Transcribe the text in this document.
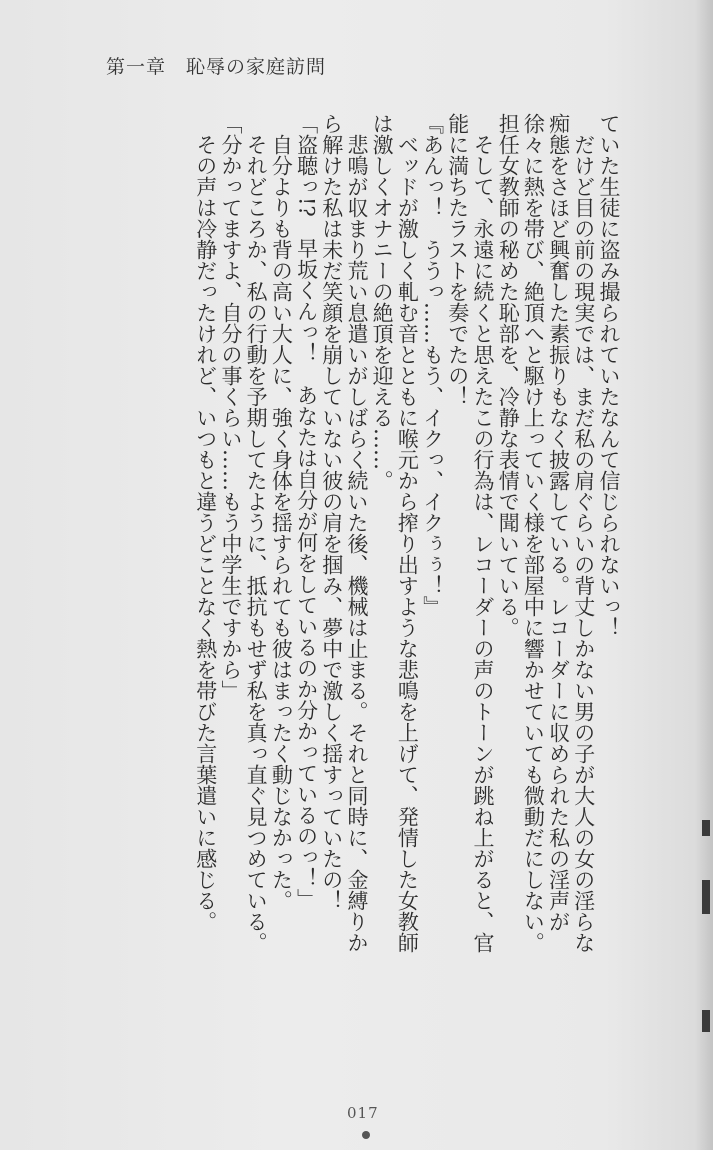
第一章　恥辱の家庭訪問

ていた生徒に盗み撮られていたなんて信じられないっ！

　だけど目の前の現実では、まだ私の肩ぐらいの背丈しかない男の子が大人の女の淫らな

痴態をさほど興奮した素振りもなく披露している。レコーダーに収められた私の淫声が

徐々に熱を帯び、絶頂へと駆け上っていく様を部屋中に響かせていても微動だにしない。

担任女教師の秘めた恥部を、冷静な表情で聞いている。

　そして、永遠に続くと思えたこの行為は、レコーダーの声のトーンが跳ね上がると、官

能に満ちたラストを奏でたの！

『あんっ！　ううっ……もう、イクっ、イクぅぅ！』

　ベッドが激しく軋む音とともに喉元から搾り出すような悲鳴を上げて、発情した女教師

は激しくオナニーの絶頂を迎える……。

　悲鳴が収まり荒い息遣いがしばらく続いた後、機械は止まる。それと同時に、金縛りか

ら解けた私は未だ笑顔を崩していない彼の肩を掴み、夢中で激しく揺すっていたの！

「盗聴っ!?　早坂くんっ！　あなたは自分が何をしているのか分かっているのっ！」

　自分よりも背の高い大人に、強く身体を揺すられても彼はまったく動じなかった。

　それどころか、私の行動を予期してたように、抵抗もせず私を真っ直ぐ見つめている。

「分かってますよ、自分の事くらい……もう中学生ですから」

　その声は冷静だったけれど、いつもと違うどことなく熱を帯びた言葉遣いに感じる。

017
